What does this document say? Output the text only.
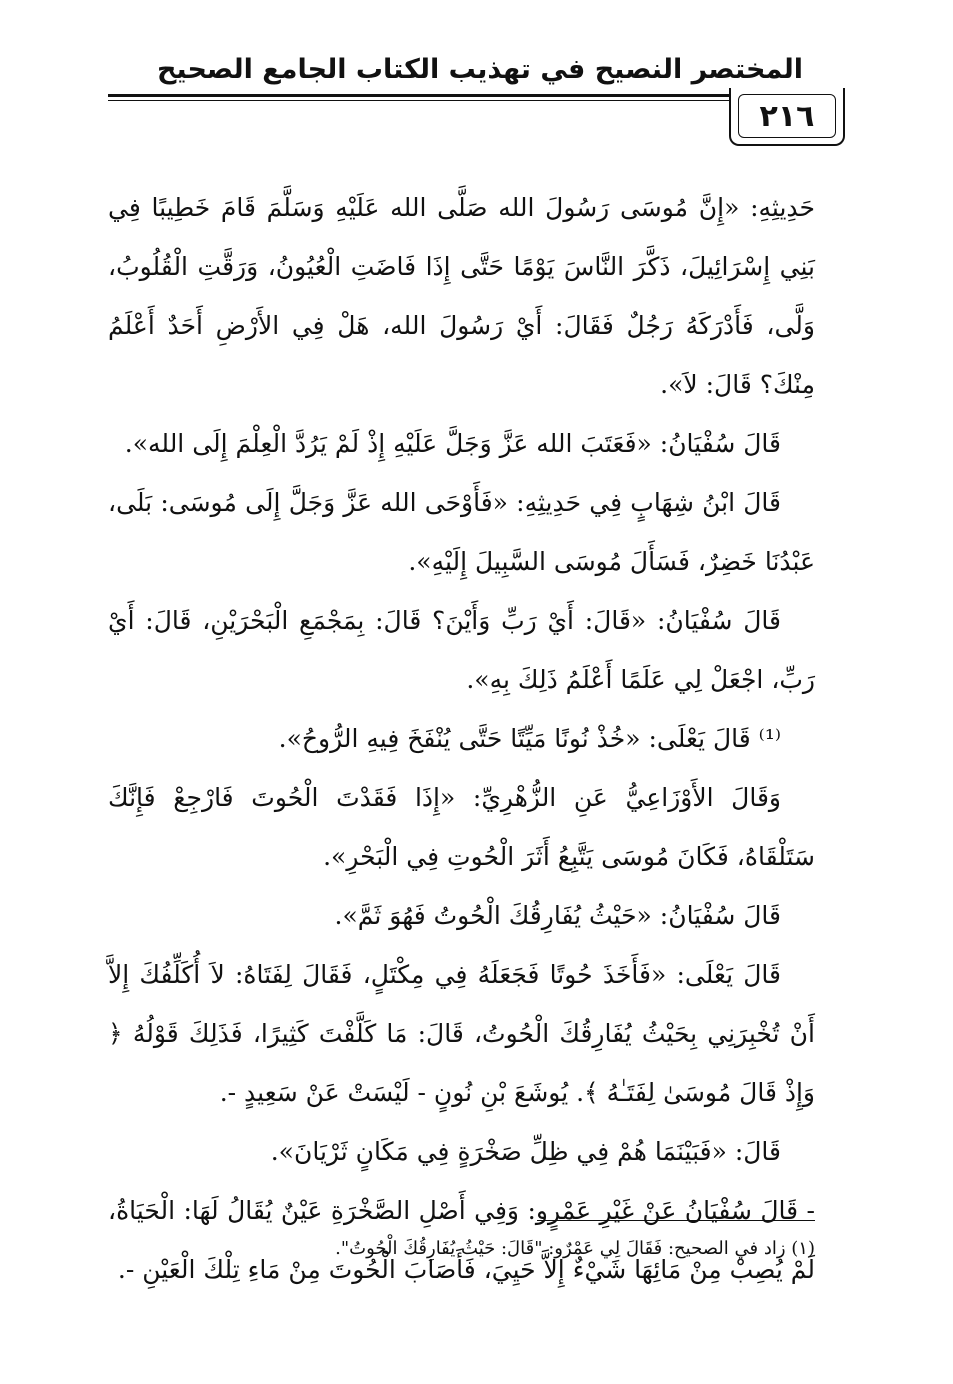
المختصر النصيح في تهذيب الكتاب الجامع الصحيح
٢١٦

حَدِيثِهِ: «إِنَّ مُوسَى رَسُولَ الله صَلَّى الله عَلَيْهِ وَسَلَّمَ قَامَ خَطِيبًا فِي بَنِي إِسْرَائِيلَ، ذَكَّرَ النَّاسَ يَوْمًا حَتَّى إِذَا فَاضَتِ الْعُيُونُ، وَرَقَّتِ الْقُلُوبُ، وَلَّى، فَأَدْرَكَهُ رَجُلٌ فَقَالَ: أَيْ رَسُولَ الله، هَلْ فِي الأَرْضِ أَحَدٌ أَعْلَمُ مِنْكَ؟ قَالَ: لاَ».

قَالَ سُفْيَانُ: «فَعَتَبَ الله عَزَّ وَجَلَّ عَلَيْهِ إِذْ لَمْ يَرُدَّ الْعِلْمَ إِلَى الله».

قَالَ ابْنُ شِهَابٍ فِي حَدِيثِهِ: «فَأَوْحَى الله عَزَّ وَجَلَّ إِلَى مُوسَى: بَلَى، عَبْدُنَا خَضِرٌ، فَسَأَلَ مُوسَى السَّبِيلَ إِلَيْهِ».

قَالَ سُفْيَانُ: «قَالَ: أَيْ رَبِّ وَأَيْنَ؟ قَالَ: بِمَجْمَعِ الْبَحْرَيْنِ، قَالَ: أَيْ رَبِّ، اجْعَلْ لِي عَلَمًا أَعْلَمُ ذَلِكَ بِهِ».

⁽¹⁾ قَالَ يَعْلَى: «خُذْ نُونًا مَيِّتًا حَتَّى يُنْفَخَ فِيهِ الرُّوحُ».

وَقَالَ الأَوْزَاعِيُّ عَنِ الزُّهْرِيِّ: «إِذَا فَقَدْتَ الْحُوتَ فَارْجِعْ فَإِنَّكَ سَتَلْقَاهُ، فَكَانَ مُوسَى يَتَّبِعُ أَثَرَ الْحُوتِ فِي الْبَحْرِ».

قَالَ سُفْيَانُ: «حَيْثُ يُفَارِقُكَ الْحُوتُ فَهُوَ ثَمَّ».

قَالَ يَعْلَى: «فَأَخَذَ حُوتًا فَجَعَلَهُ فِي مِكْتَلٍ، فَقَالَ لِفَتَاهُ: لاَ أُكَلِّفُكَ إِلاَّ أَنْ تُخْبِرَنِي بِحَيْثُ يُفَارِقُكَ الْحُوتُ، قَالَ: مَا كَلَّفْتَ كَثِيرًا، فَذَلِكَ قَوْلُهُ ﴿ وَإِذْ قَالَ مُوسَىٰ لِفَتَـٰهُ ﴾. يُوشَعَ بْنِ نُونٍ - لَيْسَتْ عَنْ سَعِيدٍ -.

قَالَ: «فَبَيْنَمَا هُمْ فِي ظِلِّ صَخْرَةٍ فِي مَكَانٍ ثَرْيَانَ».

- قَالَ سُفْيَانُ عَنْ غَيْرِ عَمْرٍو: وَفِي أَصْلِ الصَّخْرَةِ عَيْنٌ يُقَالُ لَهَا: الْحَيَاةُ، لَمْ يُصِبْ مِنْ مَائِهَا شَيْءٌ إِلاَّ حَيِيَ، فَأَصَابَ الْحُوتَ مِنْ مَاءِ تِلْكَ الْعَيْنِ -.

(١) زاد في الصحيح: فَقَالَ لِي عَمْرٌو: "قَالَ: حَيْثُ يُفَارِقُكَ الْحُوتُ".
